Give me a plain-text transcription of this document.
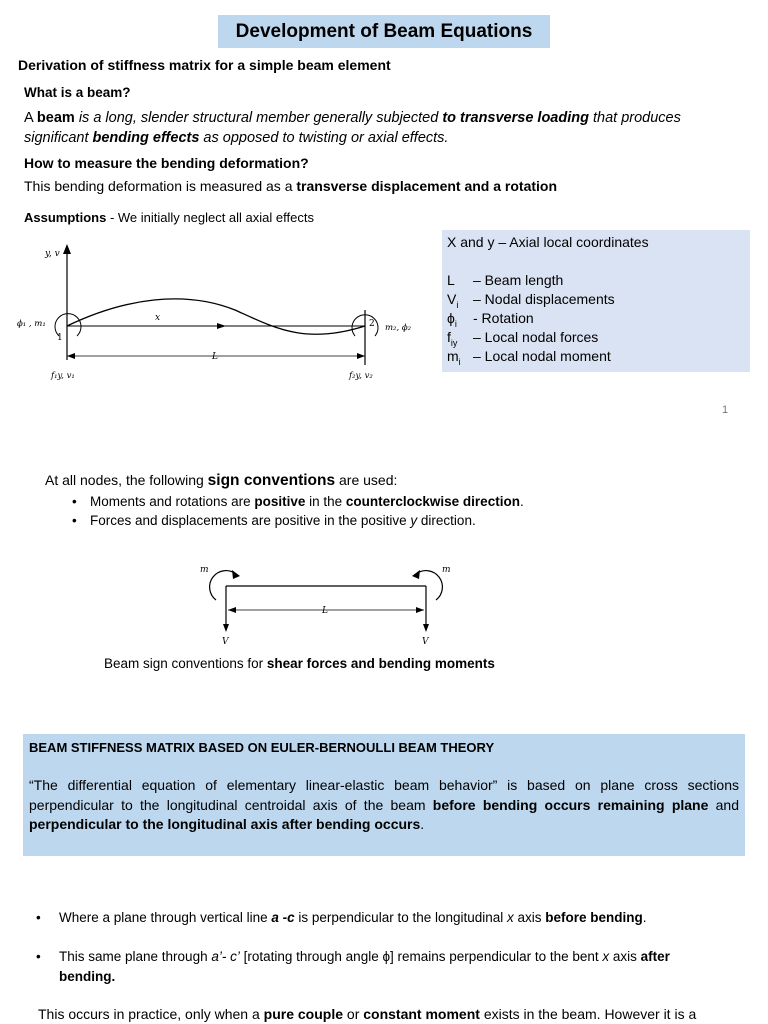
Development of Beam Equations
Derivation of stiffness matrix for a simple beam element
What is a beam?
A beam is a long, slender structural member generally subjected to transverse loading that produces
significant bending effects as opposed to twisting or axial effects.
How to measure the bending deformation?
This bending deformation is measured as a transverse displacement and a rotation
Assumptions - We initially neglect all axial effects
y, v
x
ϕ₁ , m₁
1
2 m₂, ϕ₂
L
f₁y, v₁	f₂y, v₂
X and y – Axial local coordinates
L – Beam length
$V_i$ – Nodal displacements
$\phi_i$ - Rotation
$f_{iy}$ – Local nodal forces
$m_i$ – Local nodal moment
1
At all nodes, the following sign conventions are used:
• Moments and rotations are positive in the counterclockwise direction.
• Forces and displacements are positive in the positive y direction.
m	m
L
V	V
Beam sign conventions for shear forces and bending moments
BEAM STIFFNESS MATRIX BASED ON EULER-BERNOULLI BEAM THEORY
“The differential equation of elementary linear-elastic beam behavior” is based on plane cross sections perpendicular to the longitudinal centroidal axis of the beam before bending occurs remaining plane and perpendicular to the longitudinal axis after bending occurs.
• Where a plane through vertical line a -c is perpendicular to the longitudinal x axis before bending.
• This same plane through a’- c’ [rotating through angle ϕ] remains perpendicular to the bent x axis after
bending.
This occurs in practice, only when a pure couple or constant moment exists in the beam. However it is a
